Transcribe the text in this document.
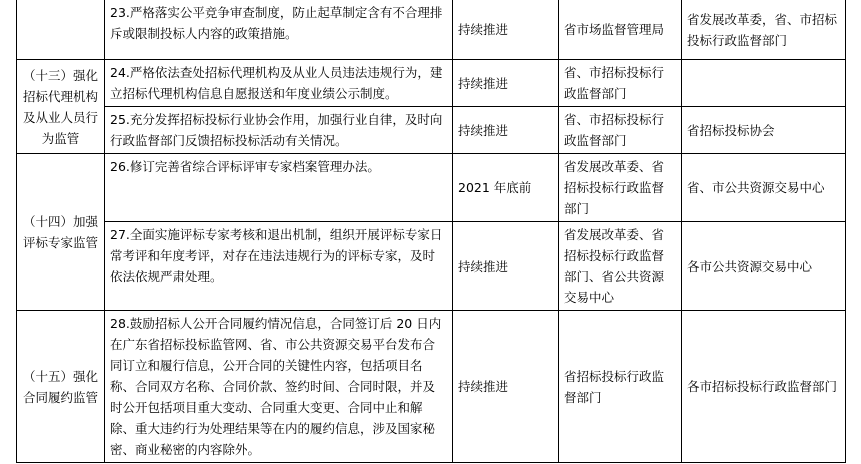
	23.严格落实公平竞争审查制度，防止起草制定含有不合理排斥或限制投标人内容的政策措施。	持续推进	省市场监督管理局	省发展改革委，省、市招标投标行政监督部门
（十三）强化招标代理机构及从业人员行为监管	24.严格依法查处招标代理机构及从业人员违法违规行为，建立招标代理机构信息自愿报送和年度业绩公示制度。	持续推进	省、市招标投标行政监督部门	
	25.充分发挥招标投标行业协会作用，加强行业自律，及时向行政监督部门反馈招标投标活动有关情况。	持续推进	省、市招标投标行政监督部门	省招标投标协会
（十四）加强评标专家监管	26.修订完善省综合评标评审专家档案管理办法。	2021 年底前	省发展改革委、省招标投标行政监督部门	省、市公共资源交易中心
	27.全面实施评标专家考核和退出机制，组织开展评标专家日常考评和年度考评，对存在违法违规行为的评标专家，及时依法依规严肃处理。	持续推进	省发展改革委、省招标投标行政监督部门、省公共资源交易中心	各市公共资源交易中心
（十五）强化合同履约监管	28.鼓励招标人公开合同履约情况信息，合同签订后 20 日内在广东省招标投标监管网、省、市公共资源交易平台发布合同订立和履行信息，公开合同的关键性内容，包括项目名称、合同双方名称、合同价款、签约时间、合同时限，并及时公开包括项目重大变动、合同重大变更、合同中止和解除、重大违约行为处理结果等在内的履约信息，涉及国家秘密、商业秘密的内容除外。	持续推进	省招标投标行政监督部门	各市招标投标行政监督部门
